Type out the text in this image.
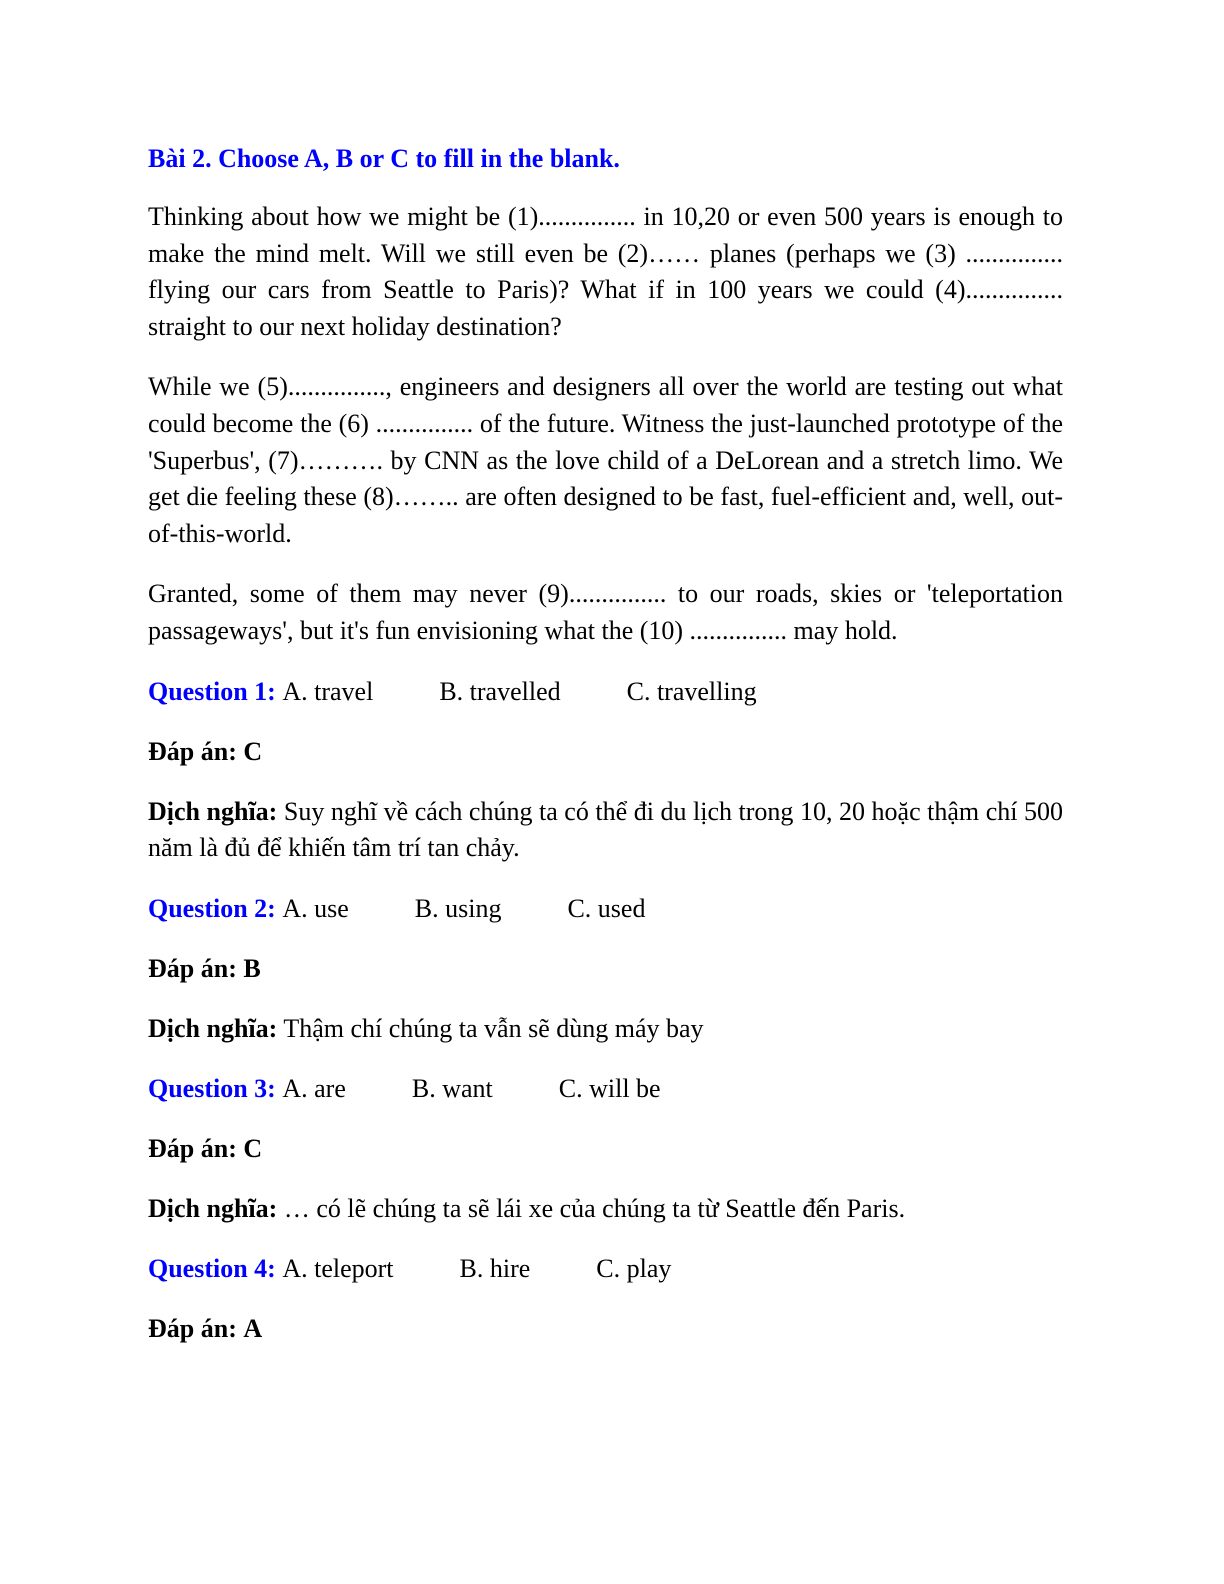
Bài 2. Choose A, B or C to fill in the blank.

Thinking about how we might be (1)............... in 10,20 or even 500 years is enough to make the mind melt. Will we still even be (2)…… planes (perhaps we (3) ............... flying our cars from Seattle to Paris)? What if in 100 years we could (4)............... straight to our next holiday destination?

While we (5)..............., engineers and designers all over the world are testing out what could become the (6) ............... of the future. Witness the just-launched prototype of the 'Superbus', (7)………. by CNN as the love child of a DeLorean and a stretch limo. We get die feeling these (8)…….. are often designed to be fast, fuel-efficient and, well, out-of-this-world.

Granted, some of them may never (9)............... to our roads, skies or 'teleportation passageways', but it's fun envisioning what the (10) ............... may hold.

Question 1: A. travel	B. travelled	C. travelling

Đáp án: C

Dịch nghĩa: Suy nghĩ về cách chúng ta có thể đi du lịch trong 10, 20 hoặc thậm chí 500 năm là đủ để khiến tâm trí tan chảy.

Question 2: A. use	B. using	C. used

Đáp án: B

Dịch nghĩa: Thậm chí chúng ta vẫn sẽ dùng máy bay

Question 3: A. are	B. want	C. will be

Đáp án: C

Dịch nghĩa: … có lẽ chúng ta sẽ lái xe của chúng ta từ Seattle đến Paris.

Question 4: A. teleport	B. hire	C. play

Đáp án: A
